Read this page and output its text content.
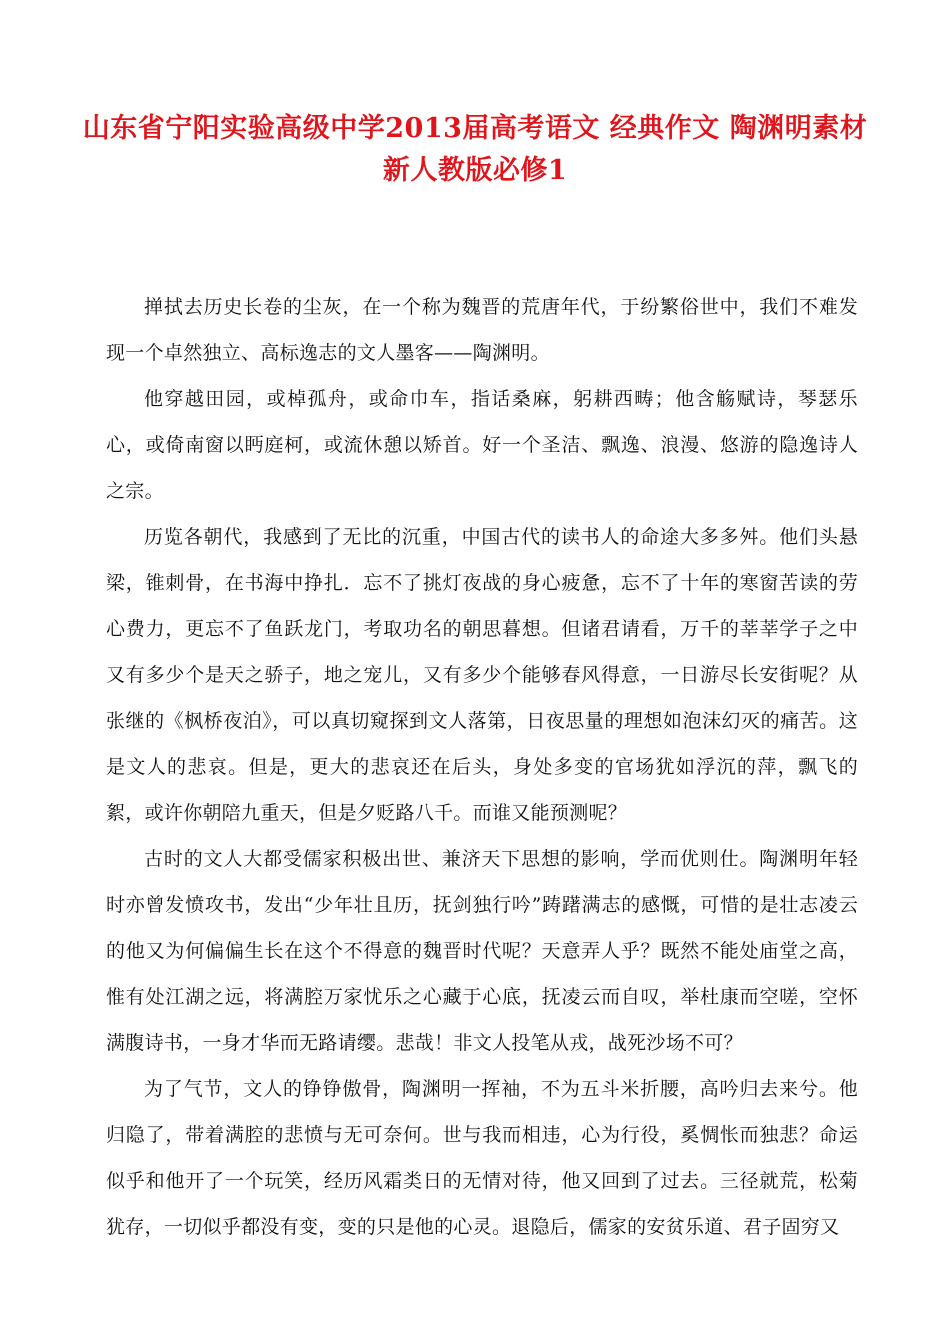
山东省宁阳实验高级中学2013届高考语文 经典作文 陶渊明素材
新人教版必修1

掸拭去历史长卷的尘灰，在一个称为魏晋的荒唐年代，于纷繁俗世中，我们不难发现一个卓然独立、高标逸志的文人墨客——陶渊明。

他穿越田园，或棹孤舟，或命巾车，指话桑麻，躬耕西畴；他含觞赋诗，琴瑟乐心，或倚南窗以眄庭柯，或流休憩以矫首。好一个圣洁、飘逸、浪漫、悠游的隐逸诗人之宗。

历览各朝代，我感到了无比的沉重，中国古代的读书人的命途大多多舛。他们头悬梁，锥刺骨，在书海中挣扎．忘不了挑灯夜战的身心疲惫，忘不了十年的寒窗苦读的劳心费力，更忘不了鱼跃龙门，考取功名的朝思暮想。但诸君请看，万千的莘莘学子之中又有多少个是天之骄子，地之宠儿，又有多少个能够春风得意，一日游尽长安街呢？从张继的《枫桥夜泊》，可以真切窥探到文人落第，日夜思量的理想如泡沫幻灭的痛苦。这是文人的悲哀。但是，更大的悲哀还在后头，身处多变的官场犹如浮沉的萍，飘飞的絮，或许你朝陪九重天，但是夕贬路八千。而谁又能预测呢？

古时的文人大都受儒家积极出世、兼济天下思想的影响，学而优则仕。陶渊明年轻时亦曾发愤攻书，发出“少年壮且历，抚剑独行吟”踌躇满志的感慨，可惜的是壮志凌云的他又为何偏偏生长在这个不得意的魏晋时代呢？天意弄人乎？既然不能处庙堂之高，惟有处江湖之远，将满腔万家忧乐之心藏于心底，抚凌云而自叹，举杜康而空嗟，空怀满腹诗书，一身才华而无路请缨。悲哉！非文人投笔从戎，战死沙场不可？

为了气节，文人的铮铮傲骨，陶渊明一挥袖，不为五斗米折腰，高吟归去来兮。他归隐了，带着满腔的悲愤与无可奈何。世与我而相违，心为行役，奚惆怅而独悲？命运似乎和他开了一个玩笑，经历风霜类日的无情对待，他又回到了过去。三径就荒，松菊犹存，一切似乎都没有变，变的只是他的心灵。退隐后，儒家的安贫乐道、君子固穷又
